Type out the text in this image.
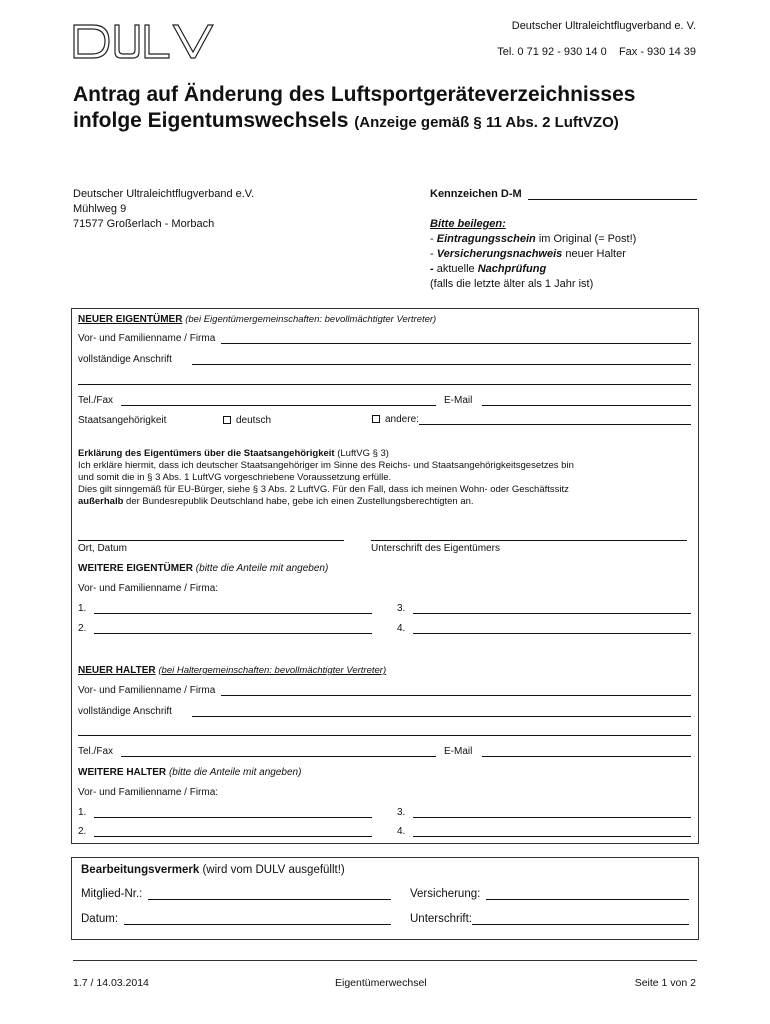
Deutscher Ultraleichtflugverband e. V.
Tel. 0 71 92 - 930 14 0    Fax - 930 14 39
Antrag auf Änderung des Luftsportgeräteverzeichnisses
infolge Eigentumswechsels (Anzeige gemäß § 11 Abs. 2 LuftVZO)
Deutscher Ultraleichtflugverband e.V.
Mühlweg 9
71577 Großerlach - Morbach
Kennzeichen D-M
Bitte beilegen:
- Eintragungsschein im Original (= Post!)
- Versicherungsnachweis neuer Halter
- aktuelle Nachprüfung
(falls die letzte älter als 1 Jahr ist)
NEUER EIGENTÜMER (bei Eigentümergemeinschaften: bevollmächtigter Vertreter)
Vor- und Familienname / Firma
vollständige Anschrift
Tel./Fax	E-Mail
Staatsangehörigkeit	deutsch	andere:
Erklärung des Eigentümers über die Staatsangehörigkeit (LuftVG § 3)
Ich erkläre hiermit, dass ich deutscher Staatsangehöriger im Sinne des Reichs- und Staatsangehörigkeitsgesetzes bin
und somit die in § 3 Abs. 1 LuftVG vorgeschriebene Voraussetzung erfülle.
Dies gilt sinngemäß für EU-Bürger, siehe § 3 Abs. 2 LuftVG. Für den Fall, dass ich meinen Wohn- oder Geschäftssitz
außerhalb der Bundesrepublik Deutschland habe, gebe ich einen Zustellungsberechtigten an.
Ort, Datum	Unterschrift des Eigentümers
WEITERE EIGENTÜMER (bitte die Anteile mit angeben)
Vor- und Familienname / Firma:
1.	3.
2.	4.
NEUER HALTER (bei Haltergemeinschaften: bevollmächtigter Vertreter)
Vor- und Familienname / Firma
vollständige Anschrift
Tel./Fax	E-Mail
WEITERE HALTER (bitte die Anteile mit angeben)
Vor- und Familienname / Firma:
1.	3.
2.	4.
Bearbeitungsvermerk (wird vom DULV ausgefüllt!)
Mitglied-Nr.:	Versicherung:
Datum:	Unterschrift:
1.7 / 14.03.2014	Eigentümerwechsel	Seite 1 von 2
